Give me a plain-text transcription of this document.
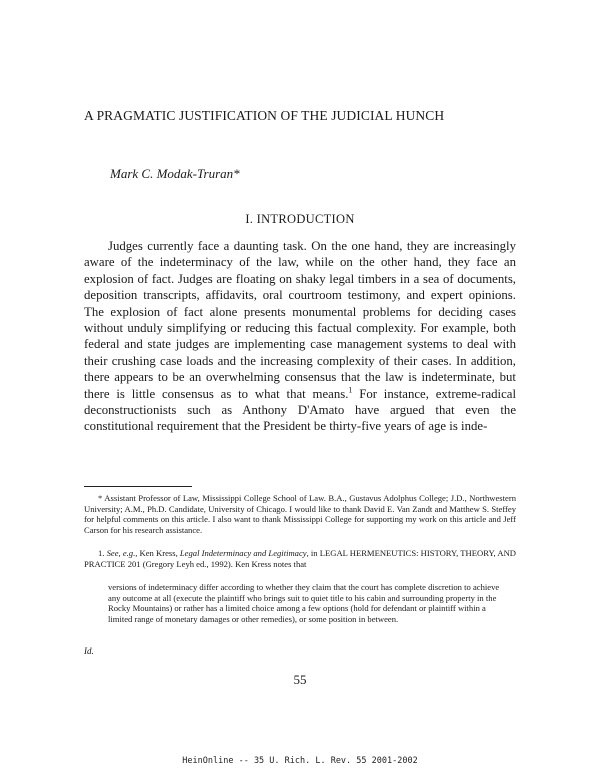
A PRAGMATIC JUSTIFICATION OF THE JUDICIAL HUNCH
Mark C. Modak-Truran*
I. INTRODUCTION

Judges currently face a daunting task. On the one hand, they are increasingly aware of the indeterminacy of the law, while on the other hand, they face an explosion of fact. Judges are floating on shaky legal timbers in a sea of documents, deposition transcripts, affidavits, oral courtroom testimony, and expert opinions. The explosion of fact alone presents monumental problems for deciding cases without unduly simplifying or reducing this factual complexity. For example, both federal and state judges are implementing case management systems to deal with their crushing case loads and the increasing complexity of their cases. In addition, there appears to be an overwhelming consensus that the law is indeterminate, but there is little consensus as to what that means.$^1$ For instance, extreme-radical deconstructionists such as Anthony D'Amato have argued that even the constitutional requirement that the President be thirty-five years of age is inde-

* Assistant Professor of Law, Mississippi College School of Law. B.A., Gustavus Adolphus College; J.D., Northwestern University; A.M., Ph.D. Candidate, University of Chicago. I would like to thank David E. Van Zandt and Matthew S. Steffey for helpful comments on this article. I also want to thank Mississippi College for supporting my work on this article and Jeff Carson for his research assistance.

1. See, e.g., Ken Kress, Legal Indeterminacy and Legitimacy, in LEGAL HERMENEUTICS: HISTORY, THEORY, AND PRACTICE 201 (Gregory Leyh ed., 1992). Ken Kress notes that

versions of indeterminacy differ according to whether they claim that the court has complete discretion to achieve any outcome at all (execute the plaintiff who brings suit to quiet title to his cabin and surrounding property in the Rocky Mountains) or rather has a limited choice among a few options (hold for defendant or plaintiff within a limited range of monetary damages or other remedies), or some position in between.

Id.
55
HeinOnline -- 35 U. Rich. L. Rev. 55 2001-2002
